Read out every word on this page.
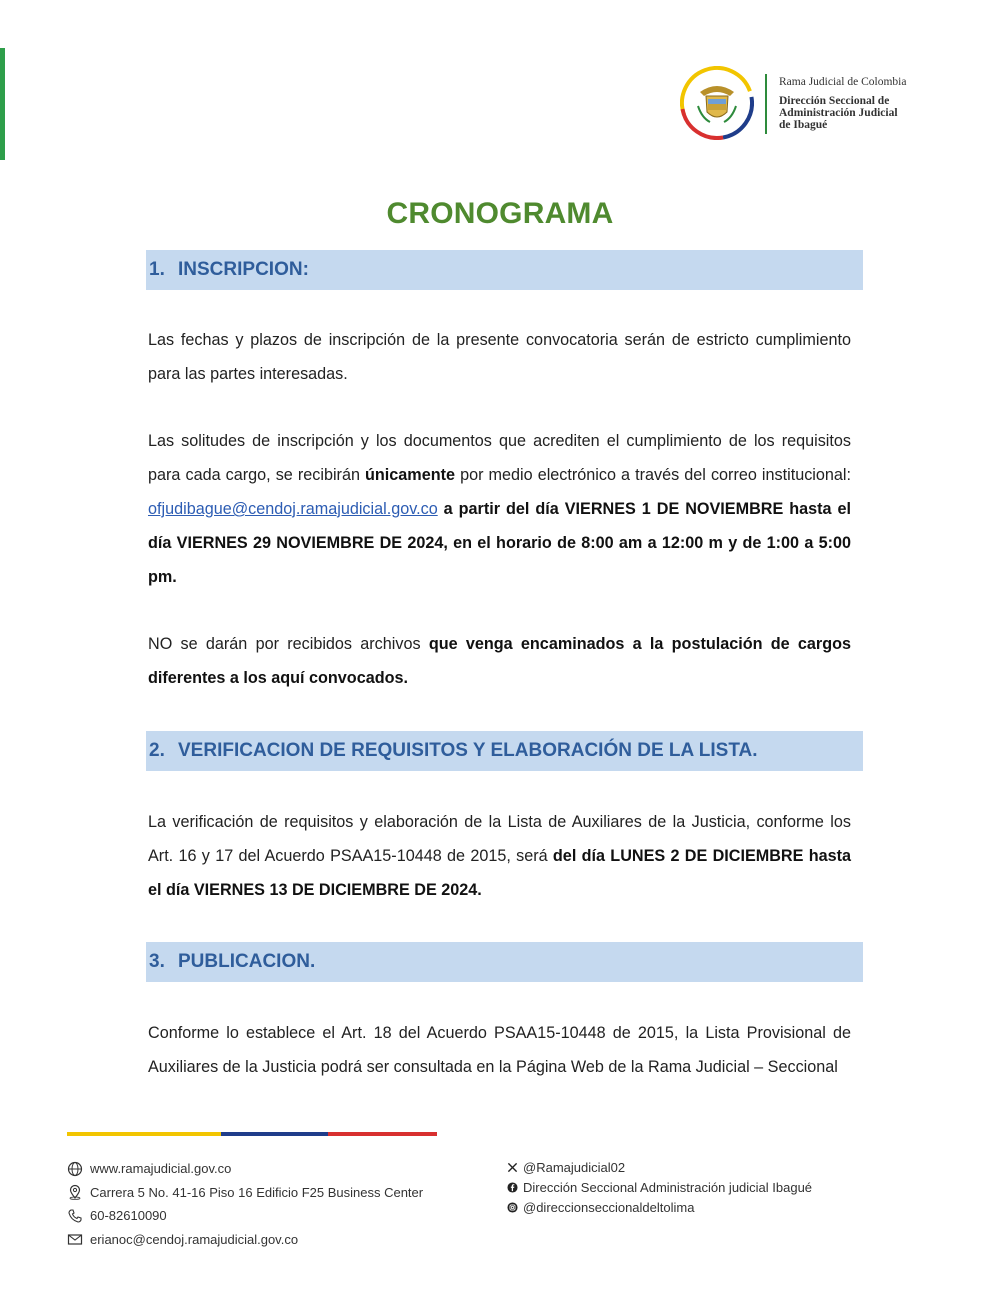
Rama Judicial de Colombia
Dirección Seccional de
Administración Judicial
de Ibagué
CRONOGRAMA
1. INSCRIPCION:

Las fechas y plazos de inscripción de la presente convocatoria serán de estricto cumplimiento para las partes interesadas.

Las solitudes de inscripción y los documentos que acrediten el cumplimiento de los requisitos para cada cargo, se recibirán únicamente por medio electrónico a través del correo institucional: ofjudibague@cendoj.ramajudicial.gov.co a partir del día VIERNES 1 DE NOVIEMBRE hasta el día VIERNES 29 NOVIEMBRE DE 2024, en el horario de 8:00 am a 12:00 m y de 1:00 a 5:00 pm.

NO se darán por recibidos archivos que venga encaminados a la postulación de cargos diferentes a los aquí convocados.

2. VERIFICACION DE REQUISITOS Y ELABORACIÓN DE LA LISTA.

La verificación de requisitos y elaboración de la Lista de Auxiliares de la Justicia, conforme los Art. 16 y 17 del Acuerdo PSAA15-10448 de 2015, será del día LUNES 2 DE DICIEMBRE hasta el día VIERNES 13 DE DICIEMBRE DE 2024.

3. PUBLICACION.

Conforme lo establece el Art. 18 del Acuerdo PSAA15-10448 de 2015, la Lista Provisional de Auxiliares de la Justicia podrá ser consultada en la Página Web de la Rama Judicial – Seccional

www.ramajudicial.gov.co
Carrera 5 No. 41-16 Piso 16 Edificio F25 Business Center
60-82610090
erianoc@cendoj.ramajudicial.gov.co
@Ramajudicial02
Dirección Seccional Administración judicial Ibagué
@direccionseccionaldeltolima
